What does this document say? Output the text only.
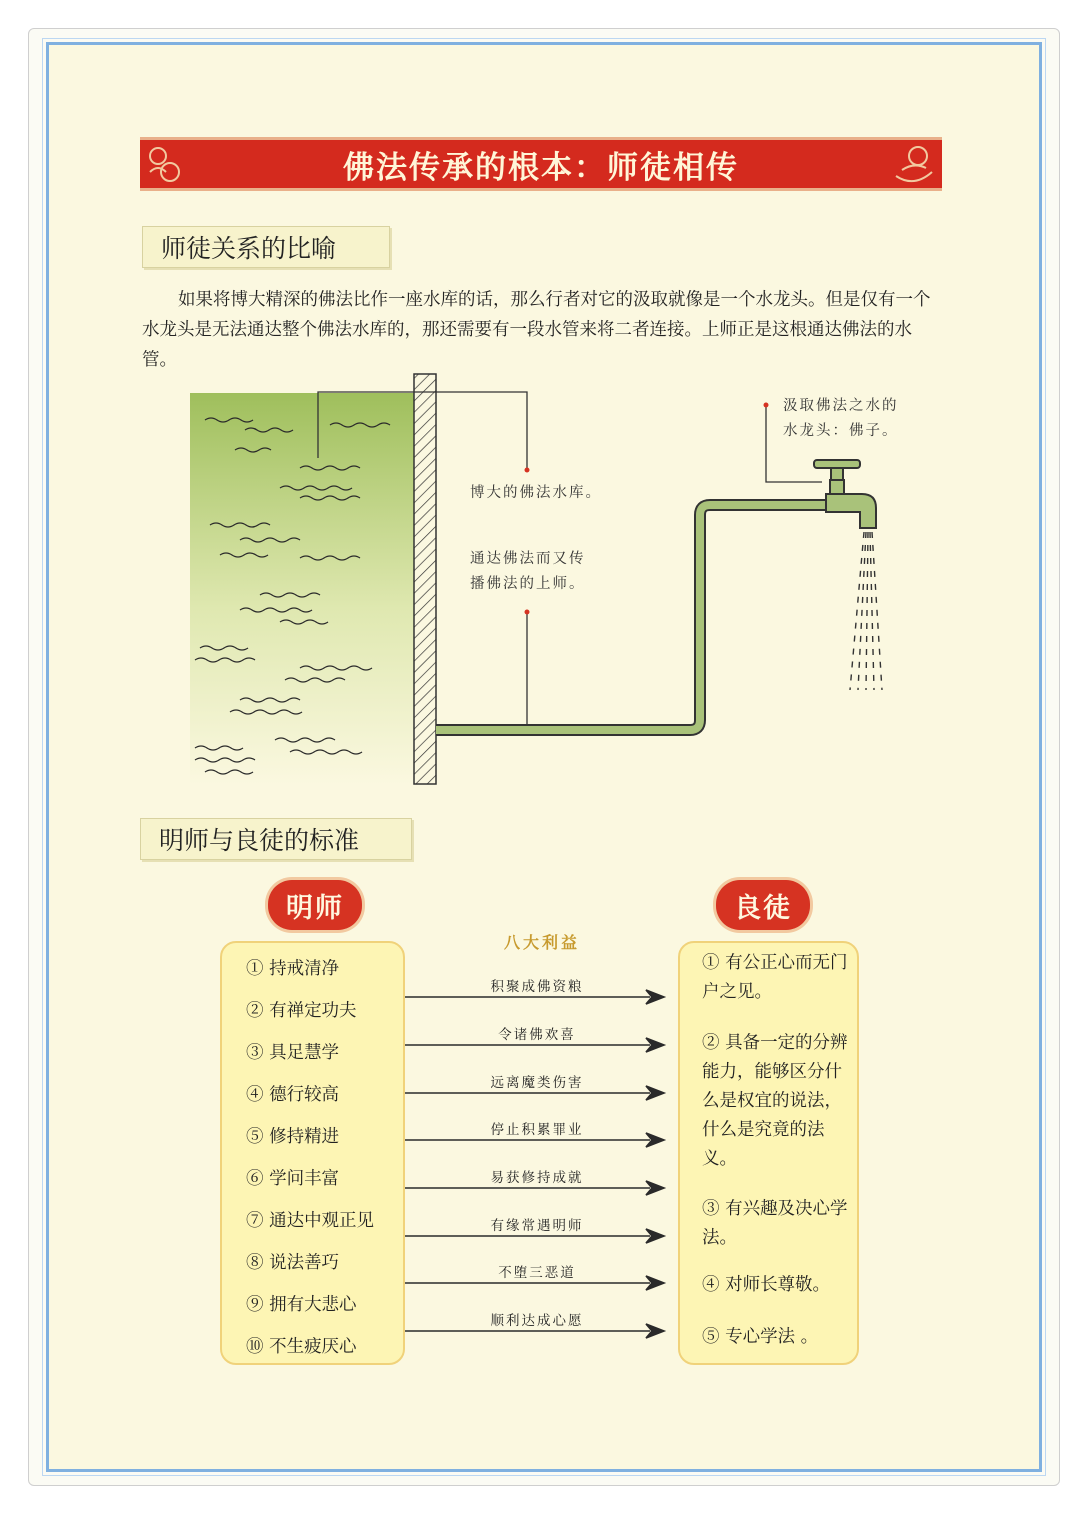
佛法传承的根本：师徒相传
师徒关系的比喻
如果将博大精深的佛法比作一座水库的话，那么行者对它的汲取就像是一个水龙头。但是仅有一个水龙头是无法通达整个佛法水库的，那还需要有一段水管来将二者连接。上师正是这根通达佛法的水管。
汲取佛法之水的
水龙头：佛子。
博大的佛法水库。
通达佛法而又传
播佛法的上师。
明师与良徒的标准
明师	良徒
① 持戒清净
② 有禅定功夫
③ 具足慧学
④ 德行较高
⑤ 修持精进
⑥ 学问丰富
⑦ 通达中观正见
⑧ 说法善巧
⑨ 拥有大悲心
⑩ 不生疲厌心
八大利益
积聚成佛资粮
令诸佛欢喜
远离魔类伤害
停止积累罪业
易获修持成就
有缘常遇明师
不堕三恶道
顺利达成心愿
① 有公正心而无门户之见。
② 具备一定的分辨能力，能够区分什么是权宜的说法，什么是究竟的法义。
③ 有兴趣及决心学法。
④ 对师长尊敬。
⑤ 专心学法 。
